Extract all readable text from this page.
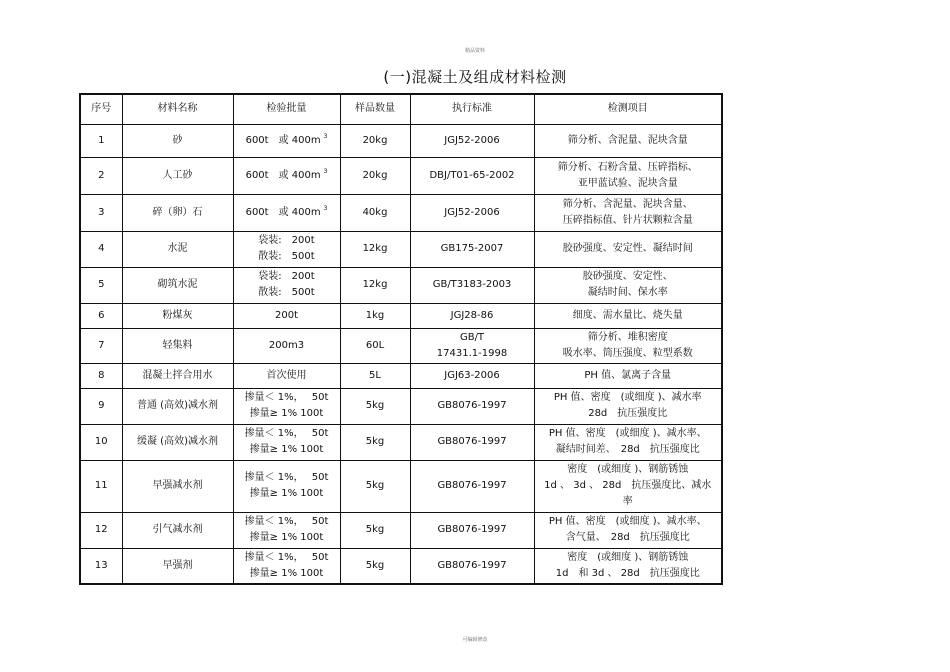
精品资料
(一)混凝土及组成材料检测
序号	材料名称	检验批量	样品数量	执行标准	检测项目
1	砂	600t　或 400m $^3$	20kg	JGJ52-2006	筛分析、含泥量、泥块含量

2	人工砂	600t　或 400m $^3$	20kg	DBJ/T01-65-2002	筛分析、石粉含量、压碎指标、
亚甲蓝试验、泥块含量

3	碎（卵）石	600t　或 400m $^3$	40kg	JGJ52-2006	筛分析、含泥量、泥块含量、
压碎指标值、针片状颗粒含量

4	水泥	袋装:　200t
散装:　500t	12kg	GB175-2007	胶砂强度、安定性、凝结时间

5	砌筑水泥	袋装:　200t
散装:　500t	12kg	GB/T3183-2003	胶砂强度、安定性、
凝结时间、保水率

6	粉煤灰	200t	1kg	JGJ28-86	细度、需水量比、烧失量

7	轻集料	200m3	60L	GB/T
17431.1-1998	筛分析、堆积密度
吸水率、筒压强度、粒型系数

8	混凝土拌合用水	首次使用	5L	JGJ63-2006	PH 值、氯离子含量

9	普通 (高效)减水剂	掺量＜ 1%，　 50t
掺量≥ 1% 100t	5kg	GB8076-1997	PH 值、密度　(或细度 )、减水率
28d　抗压强度比

10	缓凝 (高效)减水剂	掺量＜ 1%，　 50t
掺量≥ 1% 100t	5kg	GB8076-1997	PH 值、密度　(或细度 )、减水率、
凝结时间差、　28d　抗压强度比

11	早强减水剂	掺量＜ 1%，　 50t
掺量≥ 1% 100t	5kg	GB8076-1997	密度　(或细度 )、钢筋锈蚀
1d 、 3d 、 28d　抗压强度比、减水
率

12	引气减水剂	掺量＜ 1%，　 50t
掺量≥ 1% 100t	5kg	GB8076-1997	PH 值、密度　(或细度 )、减水率、
含气量、　28d　抗压强度比

13	早强剂	掺量＜ 1%，　 50t
掺量≥ 1% 100t	5kg	GB8076-1997	密度　(或细度 )、钢筋锈蚀
1d　和 3d 、 28d　抗压强度比
可编辑修改
